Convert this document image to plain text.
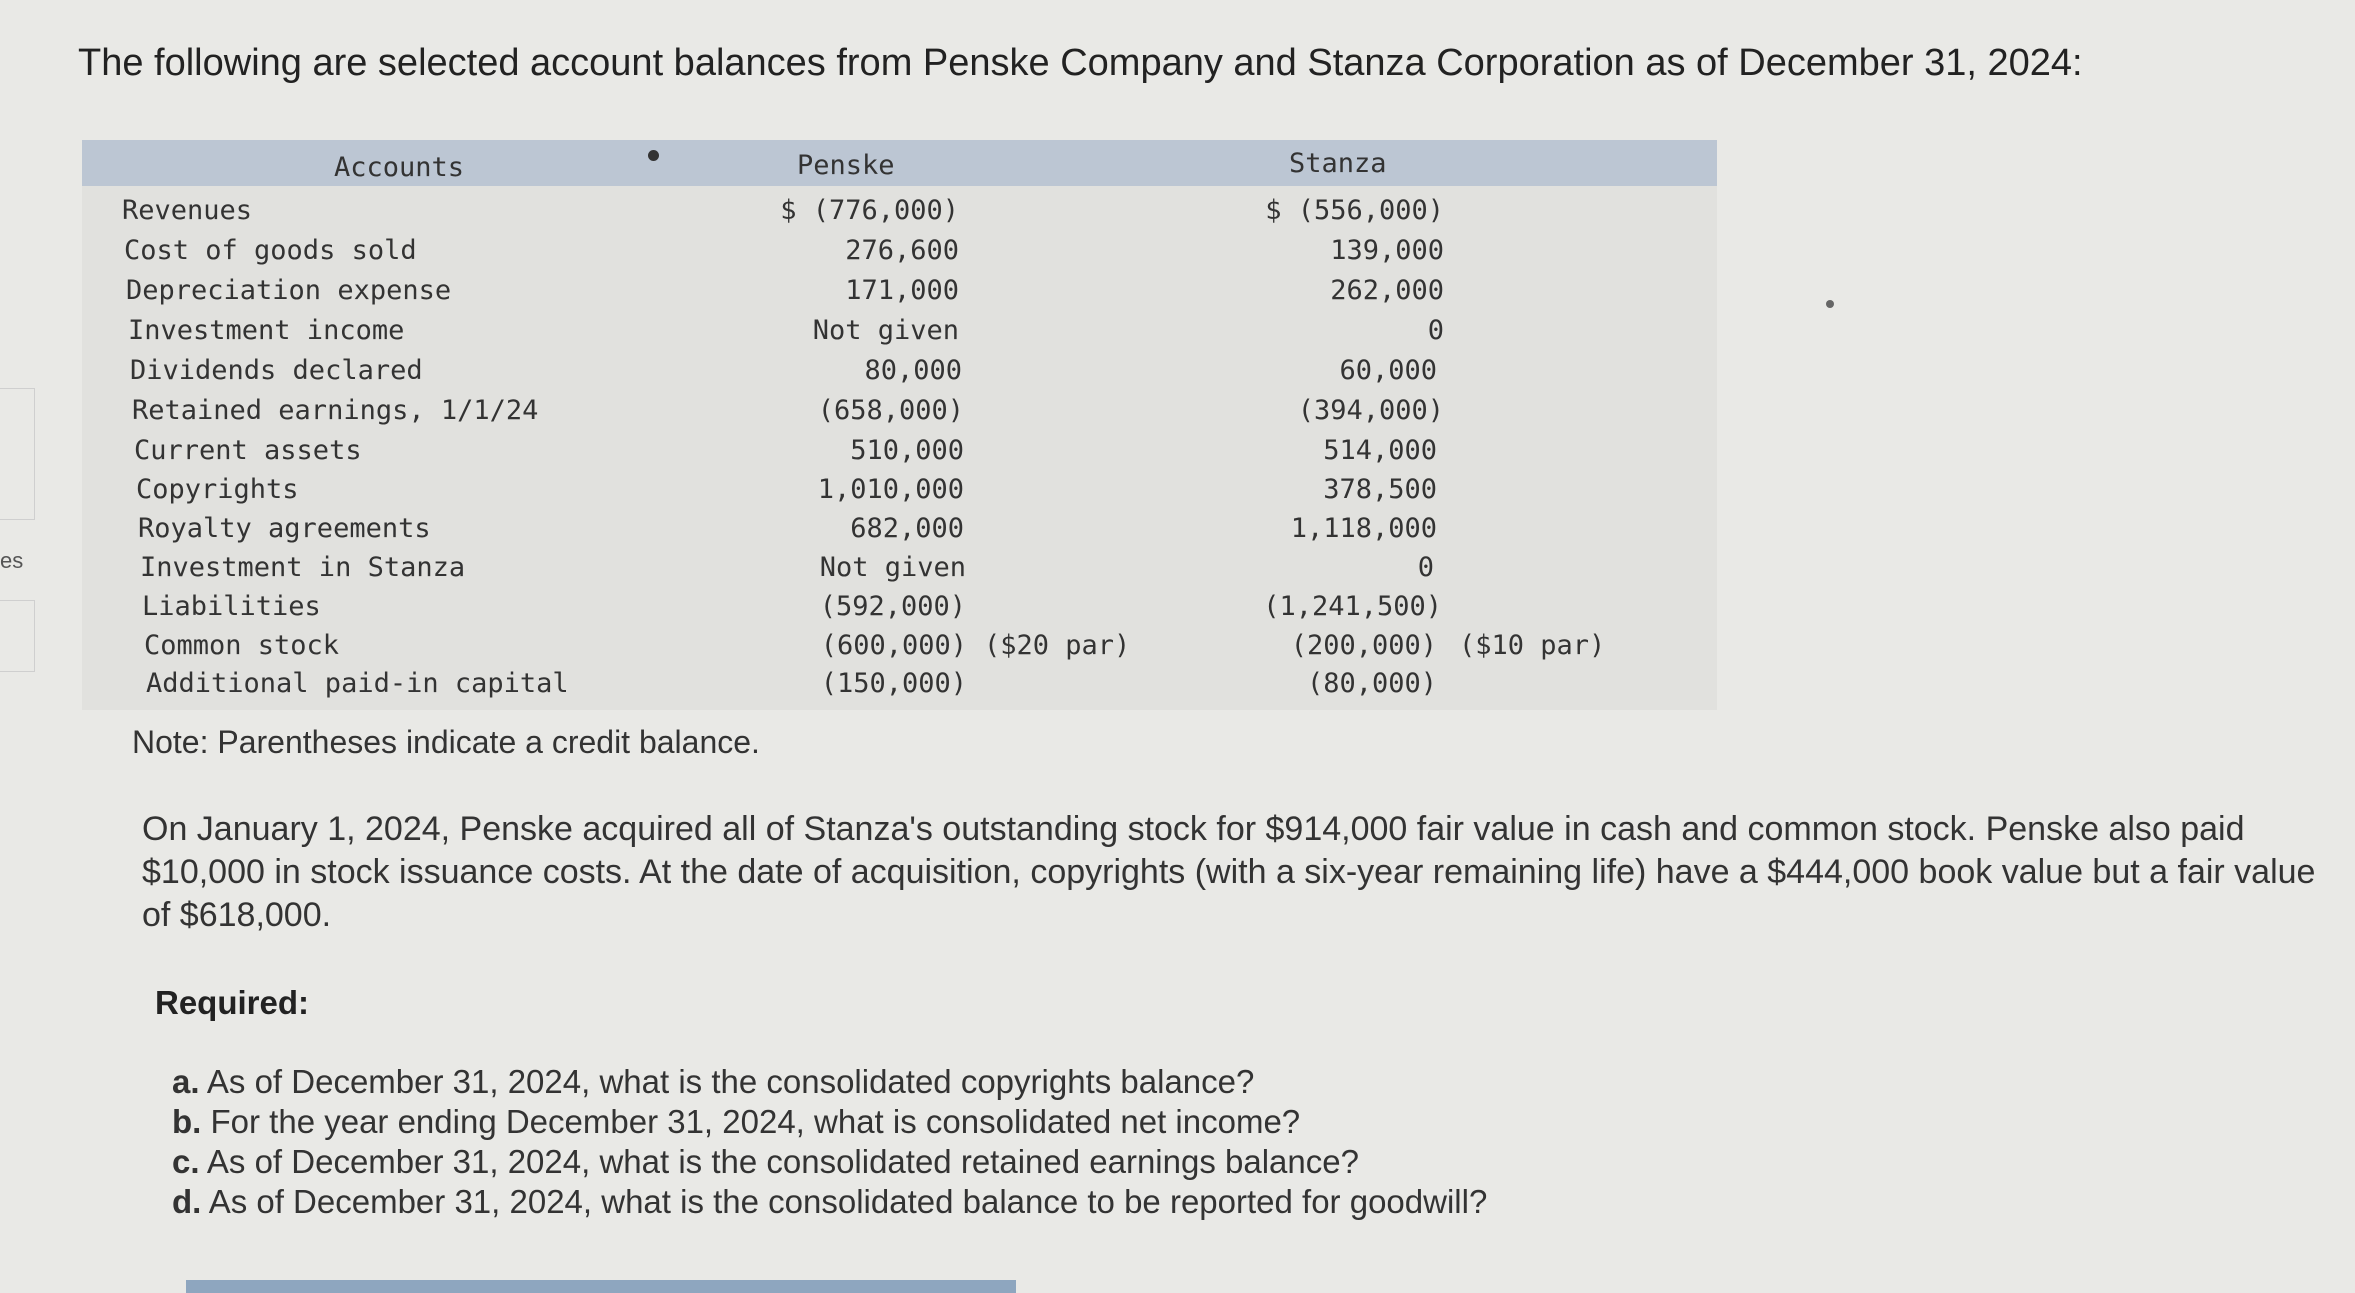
es
The following are selected account balances from Penske Company and Stanza Corporation as of December 31, 2024:
Accounts	Penske	Stanza
Revenues	$ (776,000)	$ (556,000)
Cost of goods sold	276,600	139,000
Depreciation expense	171,000	262,000
Investment income	Not given	0
Dividends declared	80,000	60,000
Retained earnings, 1/1/24	(658,000)	(394,000)
Current assets	510,000	514,000
Copyrights	1,010,000	378,500
Royalty agreements	682,000	1,118,000
Investment in Stanza	Not given	0
Liabilities	(592,000)	(1,241,500)
Common stock	(600,000) ($20 par)	(200,000) ($10 par)
Additional paid-in capital	(150,000)	(80,000)
Note: Parentheses indicate a credit balance.
On January 1, 2024, Penske acquired all of Stanza's outstanding stock for $914,000 fair value in cash and common stock. Penske also paid $10,000 in stock issuance costs. At the date of acquisition, copyrights (with a six-year remaining life) have a $444,000 book value but a fair value of $618,000.
Required:
a. As of December 31, 2024, what is the consolidated copyrights balance?
b. For the year ending December 31, 2024, what is consolidated net income?
c. As of December 31, 2024, what is the consolidated retained earnings balance?
d. As of December 31, 2024, what is the consolidated balance to be reported for goodwill?
